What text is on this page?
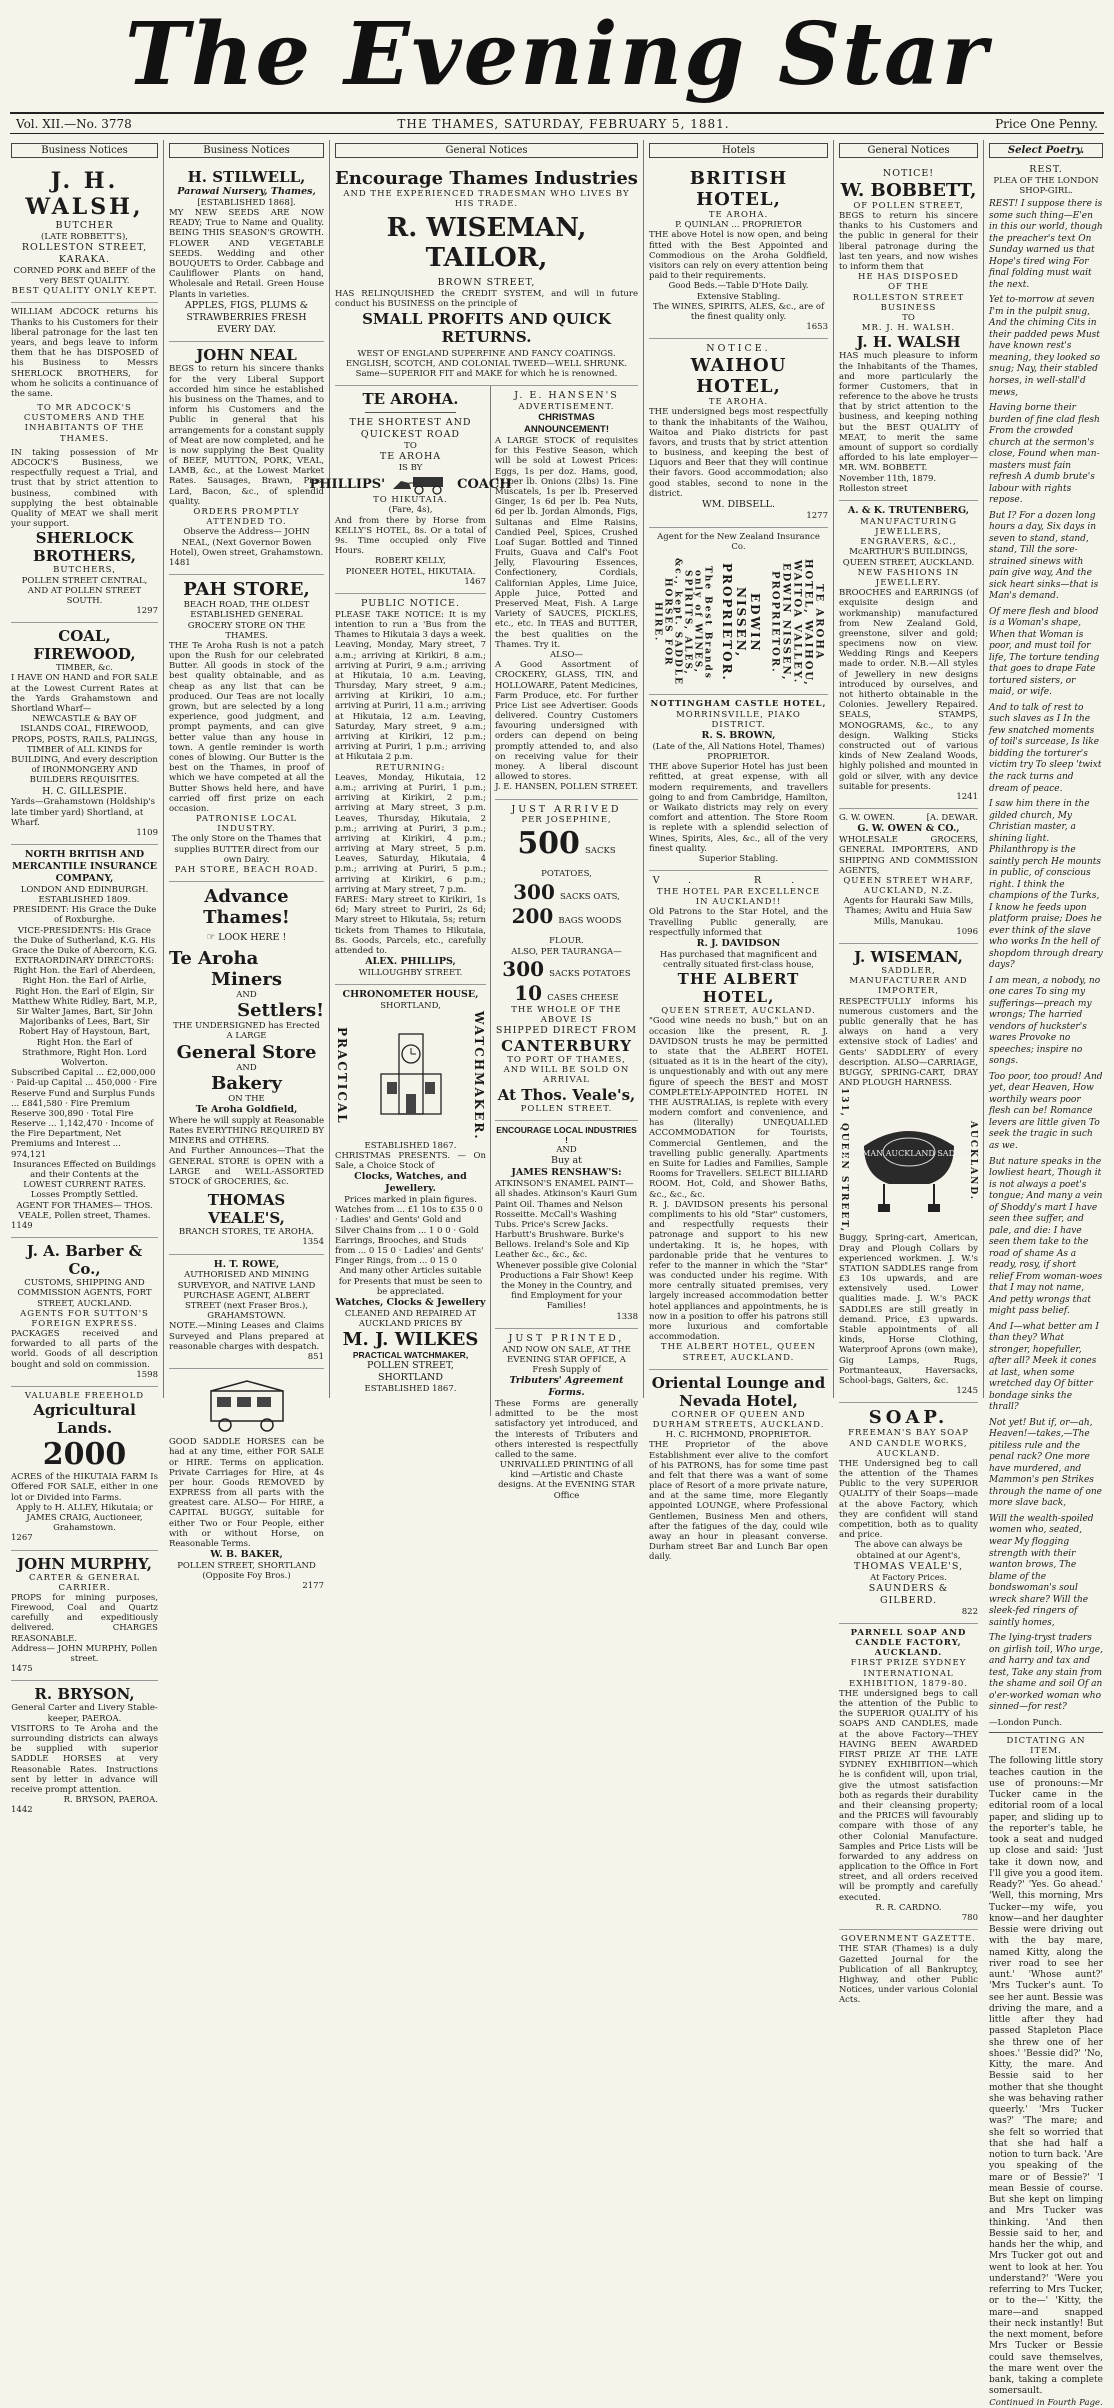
The Evening Star
Vol. XII.—No. 3778	THE THAMES, SATURDAY, FEBRUARY 5, 1881.	Price One Penny.
Business Notices
J. H. WALSH,
BUTCHER
(LATE ROBBETT'S),
ROLLESTON STREET, KARAKA.
CORNED PORK and BEEF of the very BEST QUALITY.
BEST QUALITY ONLY KEPT.
WILLIAM ADCOCK returns his Thanks to his Customers for their liberal patronage for the last ten years, and begs leave to inform them that he has DISPOSED of his Business to Messrs SHERLOCK BROTHERS, for whom he solicits a continuance of the same.
TO MR ADCOCK'S CUSTOMERS AND THE INHABITANTS OF THE THAMES.
IN taking possession of Mr ADCOCK'S Business, we respectfully request a Trial, and trust that by strict attention to business, combined with supplying the best obtainable Quality of MEAT we shall merit your support.
SHERLOCK BROTHERS,
BUTCHERS,
POLLEN STREET CENTRAL, AND AT POLLEN STREET SOUTH.
1297
COAL, FIREWOOD,
TIMBER, &c.
I HAVE ON HAND and FOR SALE at the Lowest Current Rates at the Yards Grahamstown and Shortland Wharf—
NEWCASTLE & BAY OF ISLANDS COAL, FIREWOOD, PROPS, POSTS, RAILS, PALINGS, TIMBER of ALL KINDS for BUILDING, And every description of IRONMONGERY AND BUILDERS REQUISITES.
H. C. GILLESPIE.
Yards—Grahamstown (Holdship's late timber yard) Shortland, at Wharf.
1109
NORTH BRITISH AND MERCANTILE INSURANCE COMPANY,
LONDON AND EDINBURGH.
ESTABLISHED 1809.
PRESIDENT: His Grace the Duke of Roxburghe.
VICE-PRESIDENTS: His Grace the Duke of Sutherland, K.G. His Grace the Duke of Abercorn, K.G.
EXTRAORDINARY DIRECTORS: Right Hon. the Earl of Aberdeen, Right Hon. the Earl of Airlie, Right Hon. the Earl of Elgin, Sir Matthew White Ridley, Bart, M.P., Sir Walter James, Bart, Sir John Majoribanks of Lees, Bart, Sir Robert Hay of Haystoun, Bart, Right Hon. the Earl of Strathmore, Right Hon. Lord Wolverton.
Subscribed Capital ... £2,000,000 · Paid-up Capital ... 450,000 · Fire Reserve Fund and Surplus Funds ... £841,580 · Fire Premium Reserve 300,890 · Total Fire Reserve ... 1,142,470 · Income of the Fire Department, Net Premiums and Interest ... 974,121
Insurances Effected on Buildings and their Contents at the LOWEST CURRENT RATES. Losses Promptly Settled.
AGENT FOR THAMES— THOS. VEALE, Pollen street, Thames.
1149
J. A. Barber & Co.,
CUSTOMS, SHIPPING AND COMMISSION AGENTS, FORT STREET, AUCKLAND.
AGENTS FOR SUTTON'S FOREIGN EXPRESS.
PACKAGES received and forwarded to all parts of the world. Goods of all description bought and sold on commission.
1598
VALUABLE FREEHOLD
Agricultural Lands.
2000
ACRES of the HIKUTAIA FARM Is Offered FOR SALE, either in one lot or Divided into Farms.
Apply to H. ALLEY, Hikutaia; or JAMES CRAIG, Auctioneer, Grahamstown.
1267
JOHN MURPHY,
CARTER & GENERAL CARRIER.
PROPS for mining purposes, Firewood, Coal and Quartz carefully and expeditiously delivered. CHARGES REASONABLE.
Address— JOHN MURPHY, Pollen street.
1475
R. BRYSON,
General Carter and Livery Stable-keeper, PAEROA.
VISITORS to Te Aroha and the surrounding districts can always be supplied with superior SADDLE HORSES at very Reasonable Rates. Instructions sent by letter in advance will receive prompt attention.
R. BRYSON, PAEROA.
1442
Business Notices
H. STILWELL,
Parawai Nursery, Thames,
[ESTABLISHED 1868].
MY NEW SEEDS ARE NOW READY; True to Name and Quality. BEING THIS SEASON'S GROWTH. FLOWER AND VEGETABLE SEEDS. Wedding and other BOUQUETS to Order. Cabbage and Cauliflower Plants on hand, Wholesale and Retail. Green House Plants in varieties.
APPLES, FIGS, PLUMS & STRAWBERRIES FRESH EVERY DAY.
JOHN NEAL
BEGS to return his sincere thanks for the very Liberal Support accorded him since he established his business on the Thames, and to inform his Customers and the Public in general that his arrangements for a constant supply of Meat are now completed, and he is now supplying the Best Quality of BEEF, MUTTON, PORK, VEAL, LAMB, &c., at the Lowest Market Rates. Sausages, Brawn, Pies, Lard, Bacon, &c., of splendid quality.
ORDERS PROMPTLY ATTENDED TO.
Observe the Address— JOHN NEAL, (Next Governor Bowen Hotel), Owen street, Grahamstown.
1481
PAH STORE,
BEACH ROAD, THE OLDEST ESTABLISHED GENERAL GROCERY STORE ON THE THAMES.
THE Te Aroha Rush is not a patch upon the Rush for our celebrated Butter. All goods in stock of the best quality obtainable, and as cheap as any list that can be produced. Our Teas are not locally grown, but are selected by a long experience, good judgment, and prompt payments, and can give better value than any house in town. A gentle reminder is worth cones of blowing. Our Butter is the best on the Thames, in proof of which we have competed at all the Butter Shows held here, and have carried off first prize on each occasion.
PATRONISE LOCAL INDUSTRY.
The only Store on the Thames that supplies BUTTER direct from our own Dairy.
PAH STORE, BEACH ROAD.
Advance Thames!
☞ LOOK HERE !
Te Aroha
Miners
AND
Settlers!
THE UNDERSIGNED has Erected A LARGE
General Store
AND
Bakery
ON THE
Te Aroha Goldfield,
Where he will supply at Reasonable Rates EVERYTHING REQUIRED BY MINERS and OTHERS.
And Further Announces—That the GENERAL STORE is OPEN with a LARGE and WELL-ASSORTED STOCK of GROCERIES, &c.
THOMAS VEALE'S,
BRANCH STORES, TE AROHA.
1354
H. T. ROWE,
AUTHORISED AND MINING SURVEYOR, and NATIVE LAND PURCHASE AGENT, ALBERT STREET (next Fraser Bros.), GRAHAMSTOWN.
NOTE.—Mining Leases and Claims Surveyed and Plans prepared at reasonable charges with despatch.
851
GOOD SADDLE HORSES can be had at any time, either FOR SALE or HIRE. Terms on application. Private Carriages for Hire, at 4s per hour. Goods REMOVED by EXPRESS from all parts with the greatest care. ALSO— For HIRE, a CAPITAL BUGGY, suitable for either Two or Four People, either with or without Horse, on Reasonable Terms.
W. B. BAKER,
POLLEN STREET, SHORTLAND (Opposite Foy Bros.)
2177
General Notices
Encourage Thames Industries
AND THE EXPERIENCED TRADESMAN WHO LIVES BY HIS TRADE.
R. WISEMAN, TAILOR,
BROWN STREET,
HAS RELINQUISHED the CREDIT SYSTEM, and will in future conduct his BUSINESS on the principle of
SMALL PROFITS AND QUICK RETURNS.
WEST OF ENGLAND SUPERFINE AND FANCY COATINGS. ENGLISH, SCOTCH, AND COLONIAL TWEED—WELL SHRUNK.
Same—SUPERIOR FIT and MAKE for which he is renowned.
TE AROHA.
THE SHORTEST AND
QUICKEST ROAD
TO
TE AROHA
IS BY
PHILLIPS'	COACH
TO HIKUTAIA.
(Fare, 4s),
And from there by Horse from KELLY'S HOTEL, 8s. Or a total of 9s. Time occupied only Five Hours.
ROBERT KELLY,
PIONEER HOTEL, HIKUTAIA.
1467
PUBLIC NOTICE.
PLEASE TAKE NOTICE: It is my intention to run a 'Bus from the Thames to Hikutaia 3 days a week. Leaving, Monday, Mary street, 7 a.m.; arriving at Kirikiri, 8 a.m.; arriving at Puriri, 9 a.m.; arriving at Hikutaia, 10 a.m. Leaving, Thursday, Mary street, 9 a.m.; arriving at Kirikiri, 10 a.m.; arriving at Puriri, 11 a.m.; arriving at Hikutaia, 12 a.m. Leaving, Saturday, Mary street, 9 a.m.; arriving at Kirikiri, 12 p.m.; arriving at Puriri, 1 p.m.; arriving at Hikutaia 2 p.m.
RETURNING:
Leaves, Monday, Hikutaia, 12 a.m.; arriving at Puriri, 1 p.m.; arriving at Kirikiri, 2 p.m.; arriving at Mary street, 3 p.m. Leaves, Thursday, Hikutaia, 2 p.m.; arriving at Puriri, 3 p.m.; arriving at Kirikiri, 4 p.m.; arriving at Mary street, 5 p.m. Leaves, Saturday, Hikutaia, 4 p.m.; arriving at Puriri, 5 p.m.; arriving at Kirikiri, 6 p.m.; arriving at Mary street, 7 p.m.
FARES: Mary street to Kirikiri, 1s 6d; Mary street to Puriri, 2s 6d; Mary street to Hikutaia, 5s; return tickets from Thames to Hikutaia, 8s. Goods, Parcels, etc., carefully attended to.
ALEX. PHILLIPS,
WILLOUGHBY STREET.
CHRONOMETER HOUSE,
SHORTLAND,
PRACTICAL	WATCHMAKER.
ESTABLISHED 1867.
CHRISTMAS PRESENTS. — On Sale, a Choice Stock of
Clocks, Watches, and Jewellery.
Prices marked in plain figures.
Watches from ... £1 10s to £35 0 0 · Ladies' and Gents' Gold and Silver Chains from ... 1 0 0 · Gold Earrings, Brooches, and Studs from ... 0 15 0 · Ladies' and Gents' Finger Rings, from ... 0 15 0
And many other Articles suitable for Presents that must be seen to be appreciated.
Watches, Clocks & Jewellery
CLEANED AND REPAIRED AT AUCKLAND PRICES BY
M. J. WILKES
PRACTICAL WATCHMAKER,
POLLEN STREET, SHORTLAND
ESTABLISHED 1867.
J. E. HANSEN'S
ADVERTISEMENT.
CHRISTMAS ANNOUNCEMENT!
A LARGE STOCK of requisites for this Festive Season, which will be sold at Lowest Prices: Eggs, 1s per doz. Hams, good, 1s per lb. Onions (2lbs) 1s. Fine Muscatels, 1s per lb. Preserved Ginger, 1s 6d per lb. Pea Nuts, 6d per lb. Jordan Almonds, Figs, Sultanas and Elme Raisins, Candied Peel, Spices, Crushed Loaf Sugar. Bottled and Tinned Fruits, Guava and Calf's Foot Jelly, Flavouring Essences, Confectionery, Cordials, Californian Apples, Lime Juice, Apple Juice, Potted and Preserved Meat, Fish. A Large Variety of SAUCES, PICKLES, etc., etc. In TEAS and BUTTER, the best qualities on the Thames. Try it.
ALSO—
A Good Assortment of CROCKERY, GLASS, TIN, and HOLLOWARE, Patent Medicines, Farm Produce, etc. For further Price List see Advertiser. Goods delivered. Country Customers favouring undersigned with orders can depend on being promptly attended to, and also on receiving value for their money. A liberal discount allowed to stores.
J. E. HANSEN, POLLEN STREET.
JUST ARRIVED
PER JOSEPHINE,
500 SACKS POTATOES,
300 SACKS OATS,
200 BAGS WOODS FLOUR.
ALSO, PER TAURANGA—
300 SACKS POTATOES
10 CASES CHEESE
THE WHOLE OF THE ABOVE IS
SHIPPED DIRECT FROM
CANTERBURY
TO PORT OF THAMES, AND WILL BE SOLD ON ARRIVAL
At Thos. Veale's,
POLLEN STREET.
ENCOURAGE LOCAL INDUSTRIES !
AND
Buy at
JAMES RENSHAW'S:
ATKINSON'S ENAMEL PAINT— all shades. Atkinson's Kauri Gum Paint Oil. Thames and Nelson Rosseitte. McCall's Washing Tubs. Price's Screw Jacks. Harbutt's Brushware. Burke's Bellows. Ireland's Sole and Kip Leather &c., &c., &c.
Whenever possible give Colonial Productions a Fair Show! Keep the Money in the Country, and find Employment for your Families!
1338
JUST PRINTED,
AND NOW ON SALE, AT THE EVENING STAR OFFICE, A Fresh Supply of
Tributers' Agreement Forms.
These Forms are generally admitted to be the most satisfactory yet introduced, and the interests of Tributers and others interested is respectfully called to the same.
UNRIVALLED PRINTING of all kind —Artistic and Chaste designs. At the EVENING STAR Office
Hotels
BRITISH HOTEL,
TE AROHA.
P. QUINLAN ... PROPRIETOR
THE above Hotel is now open, and being fitted with the Best Appointed and Commodious on the Aroha Goldfield, visitors can rely on every attention being paid to their requirements.
Good Beds.—Table D'Hote Daily.
Extensive Stabling.
The WINES, SPIRITS, ALES, &c., are of the finest quality only.
1653
NOTICE.
WAIHOU HOTEL,
TE AROHA.
THE undersigned begs most respectfully to thank the inhabitants of the Waihou, Waitoa and Piako districts for past favors, and trusts that by strict attention to business, and keeping the best of Liquors and Beer that they will continue their favors. Good accommodation; also good stables, second to none in the district.
WM. DIBSELL.
1277
Agent for the New Zealand Insurance Co.
The Best Brands only of WINES, SPIRITS, ALES, &c., kept. SADDLE HORSES FOR HIRE.	EDWIN NISSEN, PROPRIETOR.	TE AROHA HOTEL, WAIHOU, WAITOA VALLEY. EDWIN NISSEN, PROPRIETOR.
NOTTINGHAM CASTLE HOTEL,
MORRINSVILLE, PIAKO DISTRICT.
R. S. BROWN,
(Late of the, All Nations Hotel, Thames) PROPRIETOR.
THE above Superior Hotel has just been refitted, at great expense, with all modern requirements, and travellers going to and from Cambridge, Hamilton, or Waikato districts may rely on every comfort and attention. The Store Room is replete with a splendid selection of Wines, Spirits, Ales, &c., all of the very finest quality.
Superior Stabling.
V. R.
THE HOTEL PAR EXCELLENCE IN AUCKLAND!!
Old Patrons to the Star Hotel, and the Travelling Public generally, are respectfully informed that
R. J. DAVIDSON
Has purchased that magnificent and centrally situated first-class house,
THE ALBERT HOTEL,
QUEEN STREET, AUCKLAND.
"Good wine needs no bush," but on an occasion like the present, R. J. DAVIDSON trusts he may be permitted to state that the ALBERT HOTEL (situated as it is in the heart of the city), is unquestionably and with out any mere figure of speech the BEST and MOST COMPLETELY-APPOINTED HOTEL IN THE AUSTRALIAS, is replete with every modern comfort and convenience, and has (literally) UNEQUALLED ACCOMMODATION for Tourists, Commercial Gentlemen, and the travelling public generally. Apartments en Suite for Ladies and Families, Sample Rooms for Travellers. SELECT BILLIARD ROOM. Hot, Cold, and Shower Baths, &c., &c., &c.
R. J. DAVIDSON presents his personal compliments to his old "Star" customers, and respectfully requests their patronage and support to his new undertaking. It is, he hopes, with pardonable pride that he ventures to refer to the manner in which the "Star" was conducted under his regime. With more centrally situated premises, very largely increased accommodation better hotel appliances and appointments, he is now in a position to offer his patrons still more luxurious and comfortable accommodation.
THE ALBERT HOTEL, QUEEN STREET, AUCKLAND.
Oriental Lounge and Nevada Hotel,
CORNER OF QUEEN AND DURHAM STREETS, AUCKLAND.
H. C. RICHMOND, PROPRIETOR.
THE Proprietor of the above Establishment ever alive to the comfort of his PATRONS, has for some time past and felt that there was a want of some place of Resort of a more private nature, and at the same time, more Elegantly appointed LOUNGE, where Professional Gentlemen, Business Men and others, after the fatigues of the day, could wile away an hour in pleasant converse. Durham street Bar and Lunch Bar open daily.
General Notices
NOTICE!
W. BOBBETT,
OF POLLEN STREET,
BEGS to return his sincere thanks to his Customers and the public in general for their liberal patronage during the last ten years, and now wishes to inform them that
HE HAS DISPOSED
OF THE
ROLLESTON STREET BUSINESS
TO
MR. J. H. WALSH.
J. H. WALSH
HAS much pleasure to inform the Inhabitants of the Thames, and more particularly the former Customers, that in reference to the above he trusts that by strict attention to the business, and keeping nothing but the BEST QUALITY of MEAT, to merit the same amount of support so cordially afforded to his late employer—MR. WM. BOBBETT.
November 11th, 1879. Rolleston street
A. & K. TRUTENBERG,
MANUFACTURING JEWELLERS, ENGRAVERS, &C.,
McARTHUR'S BUILDINGS, QUEEN STREET, AUCKLAND.
NEW FASHIONS IN JEWELLERY.
BROOCHES and EARRINGS (of exquisite design and workmanship) manufactured from New Zealand Gold, greenstone, silver and gold; specimens now on view. Wedding Rings and Keepers made to order. N.B.—All styles of Jewellery in new designs introduced by ourselves, and not hitherto obtainable in the Colonies. Jewellery Repaired. SEALS, STAMPS, MONOGRAMS, &c., to any design. Walking Sticks constructed out of various kinds of New Zealand Woods, highly polished and mounted in gold or silver, with any device suitable for presents.
1241
G. W. OWEN.	[A. DEWAR.
G. W. OWEN & CO.,
WHOLESALE GROCERS, GENERAL IMPORTERS, AND SHIPPING AND COMMISSION AGENTS,
QUEEN STREET WHARF, AUCKLAND, N.Z.
Agents for Hauraki Saw Mills, Thames; Awitu and Huia Saw Mills, Manukau.
1096
J. WISEMAN,
SADDLER,
MANUFACTURER AND IMPORTER,
RESPECTFULLY informs his numerous customers and the public generally that he has always on hand a very extensive stock of Ladies' and Gents' SADDLERY of every description. ALSO—CARRIAGE, BUGGY, SPRING-CART, DRAY AND PLOUGH HARNESS.
131, QUEEN STREET,
WISEMAN AUCKLAND SADDLER
AUCKLAND.
Buggy, Spring-cart, American, Dray and Plough Collars by experienced workmen. J. W.'s STATION SADDLES range from £3 10s upwards, and are extensively used. Lower qualities made. J. W.'s PACK SADDLES are still greatly in demand. Price, £3 upwards. Stable appointments of all kinds, Horse Clothing, Waterproof Aprons (own make), Gig Lamps, Rugs, Portmanteaux, Haversacks, School-bags, Gaiters, &c.
1245
SOAP.
FREEMAN'S BAY SOAP AND CANDLE WORKS, AUCKLAND.
THE Undersigned beg to call the attention of the Thames Public to the very SUPERIOR QUALITY of their Soaps—made at the above Factory, which they are confident will stand competition, both as to quality and price.
The above can always be obtained at our Agent's,
THOMAS VEALE'S,
At Factory Prices.
SAUNDERS & GILBERD.
822
PARNELL SOAP AND CANDLE FACTORY, AUCKLAND.
FIRST PRIZE SYDNEY INTERNATIONAL EXHIBITION, 1879-80.
THE undersigned begs to call the attention of the Public to the SUPERIOR QUALITY of his SOAPS AND CANDLES, made at the above Factory—THEY HAVING BEEN AWARDED FIRST PRIZE AT THE LATE SYDNEY EXHIBITION—which he is confident will, upon trial, give the utmost satisfaction both as regards their durability and their cleansing property; and the PRICES will favourably compare with those of any other Colonial Manufacture. Samples and Price Lists will be forwarded to any address on application to the Office in Fort street, and all orders received will be promptly and carefully executed.
R. R. CARDNO.
780
GOVERNMENT GAZETTE.
THE STAR (Thames) is a duly Gazetted Journal for the Publication of all Bankruptcy, Highway, and other Public Notices, under various Colonial Acts.
Select Poetry.
REST.
PLEA OF THE LONDON SHOP-GIRL.

REST! I suppose there is some such thing—E'en in this our world, though the preacher's text On Sunday warned us that Hope's tired wing For final folding must wait the next.

Yet to-morrow at seven I'm in the pulpit snug, And the chiming Cits in their padded pews Must have known rest's meaning, they looked so snug; Nay, their stabled horses, in well-stall'd mews,

Having borne their burden of fine clad flesh From the crowded church at the sermon's close, Found when man-masters must fain refresh A dumb brute's labour with rights repose.

But I? For a dozen long hours a day, Six days in seven to stand, stand, stand, Till the sore-strained sinews with pain give way, And the sick heart sinks—that is Man's demand.

Of mere flesh and blood is a Woman's shape, When that Woman is poor, and must toil for life, The torture tending that goes to drape Fate tortured sisters, or maid, or wife.

And to talk of rest to such slaves as I In the few snatched moments of toil's surcease, Is like bidding the torturer's victim try To sleep 'twixt the rack turns and dream of peace.

I saw him there in the gilded church, My Christian master, a shining light. Philanthropy is the saintly perch He mounts in public, of conscious right. I think the champions of the Turks, I know he feeds upon platform praise; Does he ever think of the slave who works In the hell of shopdom through dreary days?

I am mean, a nobody, no one cares To sing my sufferings—preach my wrongs; The harried vendors of huckster's wares Provoke no speeches; inspire no songs.

Too poor, too proud! And yet, dear Heaven, How worthily wears poor flesh can be! Romance levers are little given To seek the tragic in such as we.

But nature speaks in the lowliest heart, Though it is not always a poet's tongue; And many a vein of Shoddy's mart I have seen thee suffer, and pale, and die: I have seen them take to the road of shame As a ready, rosy, if short relief From woman-woes that I may not name, And petty wrongs that might pass belief.

And I—what better am I than they? What stronger, hopefuller, after all? Meek it cones at last, when some wretched day Of bitter bondage sinks the thrall?

Not yet! But if, or—ah, Heaven!—takes,—The pitiless rule and the penal rack? One more have murdered, and Mammon's pen Strikes through the name of one more slave back,

Will the wealth-spoiled women who, seated, wear My flogging strength with their wanton brows, The blame of the bondswoman's soul wreck share? Will the sleek-fed ringers of saintly homes,

The lying-tryst traders on girlish toil, Who urge, and harry and tax and test, Take any stain from the shame and soil Of an o'er-worked woman who sinned—for rest?

—London Punch.
DICTATING AN ITEM.
The following little story teaches caution in the use of pronouns:—Mr Tucker came in the editorial room of a local paper, and sliding up to the reporter's table, he took a seat and nudged up close and said: 'Just take it down now, and I'll give you a good item. Ready?' 'Yes. Go ahead.' 'Well, this morning, Mrs Tucker—my wife, you know—and her daughter Bessie were driving out with the bay mare, named Kitty, along the river road to see her aunt.' 'Whose aunt?' 'Mrs Tucker's aunt. To see her aunt. Bessie was driving the mare, and a little after they had passed Stapleton Place she threw one of her shoes.' 'Bessie did?' 'No, Kitty, the mare. And Bessie said to her mother that she thought she was behaving rather queerly.' 'Mrs Tucker was?' 'The mare; and she felt so worried that that she had half a notion to turn back. 'Are you speaking of the mare or of Bessie?' 'I mean Bessie of course. But she kept on limping and Mrs Tucker was thinking. 'And then Bessie said to her, and hands her the whip, and Mrs Tucker got out and went to look at her. You understand?' 'Were you referring to Mrs Tucker, or to the—' 'Kitty, the mare—and snapped their neck instantly! But the next moment, before Mrs Tucker or Bessie could save themselves, the mare went over the bank, taking a complete somersault.
Continued in Fourth Page.
